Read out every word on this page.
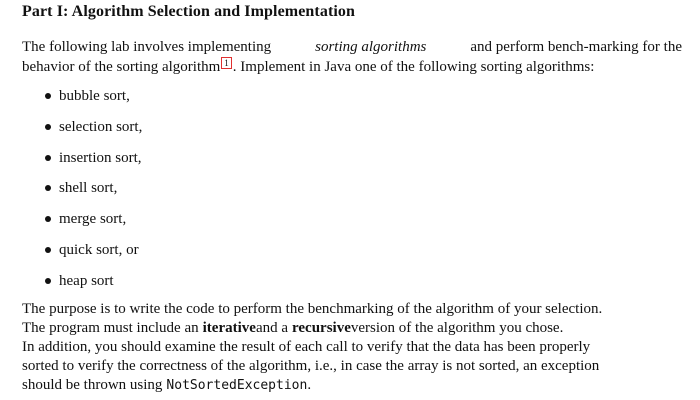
Part I: Algorithm Selection and Implementation
The following lab involves implementing	sorting algorithms	and perform bench-marking for the
behavior of the sorting algorithm 1 . Implement in Java one of the following sorting algorithms:
bubble sort,
selection sort,
insertion sort,
shell sort,
merge sort,
quick sort, or
heap sort
The purpose is to write the code to perform the benchmarking of the algorithm of your selection.
The program must include an iterative and a recursive version of the algorithm you chose.
In addition, you should examine the result of each call to verify that the data has been properly
sorted to verify the correctness of the algorithm, i.e., in case the array is not sorted, an exception
should be thrown using NotSortedException .
